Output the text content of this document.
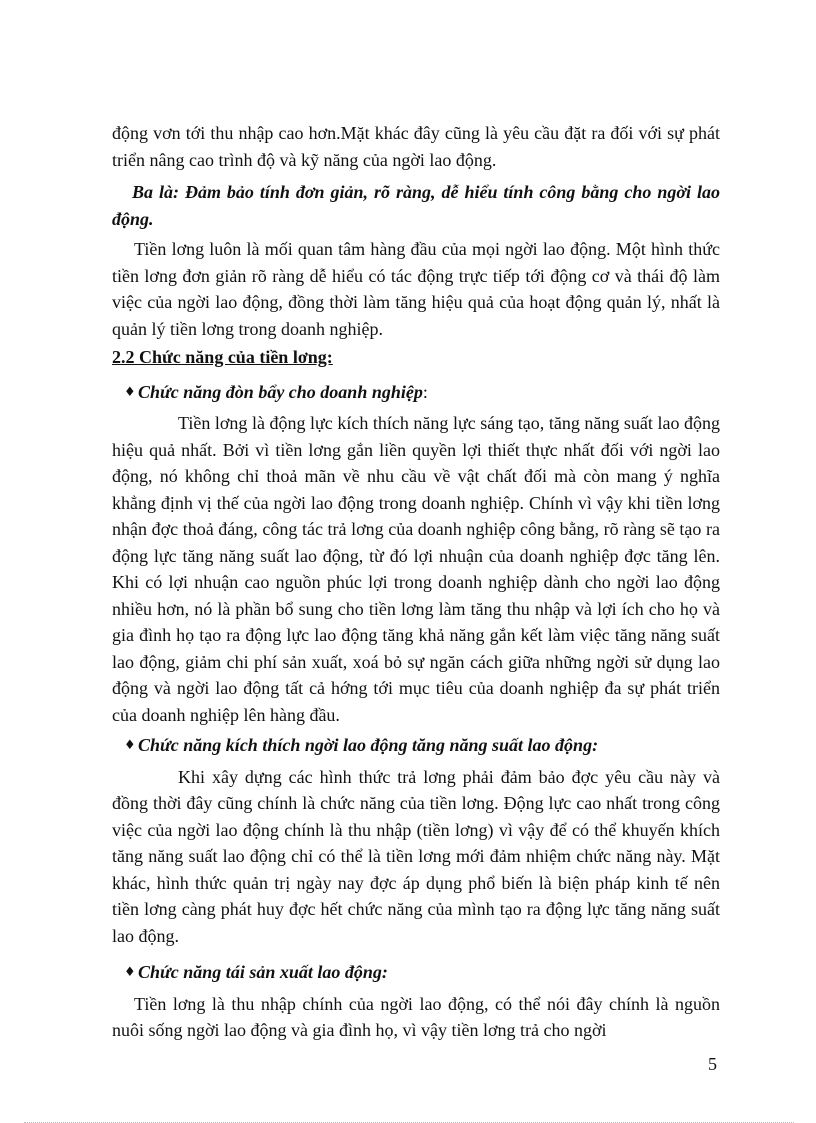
động vơn tới thu nhập cao hơn.Mặt khác đây cũng là yêu cầu đặt ra đối với sự phát triển nâng cao trình độ và kỹ năng của ngời lao động.

Ba là: Đảm bảo tính đơn giản, rõ ràng, dễ hiểu tính công bằng cho ngời lao động.

Tiền lơng luôn là mối quan tâm hàng đầu của mọi ngời lao động. Một hình thức tiền lơng đơn giản rõ ràng dễ hiểu có tác động trực tiếp tới động cơ và thái độ làm việc của ngời lao động, đồng thời làm tăng hiệu quả của hoạt động quản lý, nhất là quản lý tiền lơng trong doanh nghiệp.

2.2 Chức năng của tiền lơng:

♦ Chức năng đòn bẩy cho doanh nghiệp:

Tiền lơng là động lực kích thích năng lực sáng tạo, tăng năng suất lao động hiệu quả nhất. Bởi vì tiền lơng gắn liền quyền lợi thiết thực nhất đối với ngời lao động, nó không chỉ thoả mãn về nhu cầu về vật chất đối mà còn mang ý nghĩa khẳng định vị thế của ngời lao động trong doanh nghiệp. Chính vì vậy khi tiền lơng nhận đợc thoả đáng, công tác trả lơng của doanh nghiệp công bằng, rõ ràng sẽ tạo ra động lực tăng năng suất lao động, từ đó lợi nhuận của doanh nghiệp đợc tăng lên. Khi có lợi nhuận cao nguồn phúc lợi trong doanh nghiệp dành cho ngời lao động nhiều hơn, nó là phần bổ sung cho tiền lơng làm tăng thu nhập và lợi ích cho họ và gia đình họ tạo ra động lực lao động tăng khả năng gắn kết làm việc tăng năng suất lao động, giảm chi phí sản xuất, xoá bỏ sự ngăn cách giữa những ngời sử dụng lao động và ngời lao động tất cả hớng tới mục tiêu của doanh nghiệp đa sự phát triển của doanh nghiệp lên hàng đầu.

♦ Chức năng kích thích ngời lao động tăng năng suất lao động:

Khi xây dựng các hình thức trả lơng phải đảm bảo đợc yêu cầu này và đồng thời đây cũng chính là chức năng của tiền lơng. Động lực cao nhất trong công việc của ngời lao động chính là thu nhập (tiền lơng) vì vậy để có thể khuyến khích tăng năng suất lao động chỉ có thể là tiền lơng mới đảm nhiệm chức năng này. Mặt khác, hình thức quản trị ngày nay đợc áp dụng phổ biến là biện pháp kinh tế nên tiền lơng càng phát huy đợc hết chức năng của mình tạo ra động lực tăng năng suất lao động.

♦ Chức năng tái sản xuất lao động:

Tiền lơng là thu nhập chính của ngời lao động, có thể nói đây chính là nguồn nuôi sống ngời lao động và gia đình họ, vì vậy tiền lơng trả cho ngời

5
